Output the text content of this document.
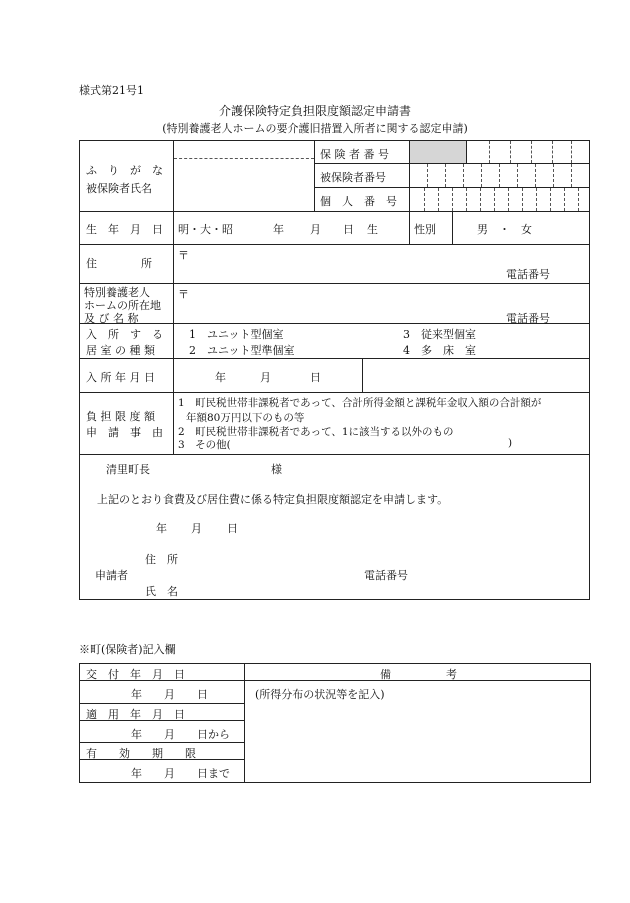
様式第21号1
介護保険特定負担限度額認定申請書
(特別養護老人ホームの要介護旧措置入所者に関する認定申請)
ふ　り　が　な
被保険者氏名
保 険 者 番 号
被保険者番号
個　人　番　号
生　年　月　日 明・大・昭	年 月 日 生	性別	男　・　女
住　　　　所
〒
電話番号
特別養護老人
ホームの所在地
及 び 名 称
〒
電話番号
入　所　す　る
居 室 の 種 類
1　ユニット型個室
2　ユニット型準個室
3　従来型個室
4　多　床　室
入 所 年 月 日	年	月	日
負 担 限 度 額
申　請　事　由
1　町民税世帯非課税者であって、合計所得金額と課税年金収入額の合計額が
年額80万円以下のもの等
2　町民税世帯非課税者であって、1に該当する以外のもの
3　その他(	)
清里町長	様
上記のとおり食費及び居住費に係る特定負担限度額認定を申請します。
年 月 日
住　所
申請者	電話番号
氏　名
※町(保険者)記入欄
交　付　年　月　日
年　　月　　日
適　用　年　月　日
年　　月　　日から
有　　効　　期　　限
年　　月　　日まで
備　　　　　考
(所得分布の状況等を記入)
